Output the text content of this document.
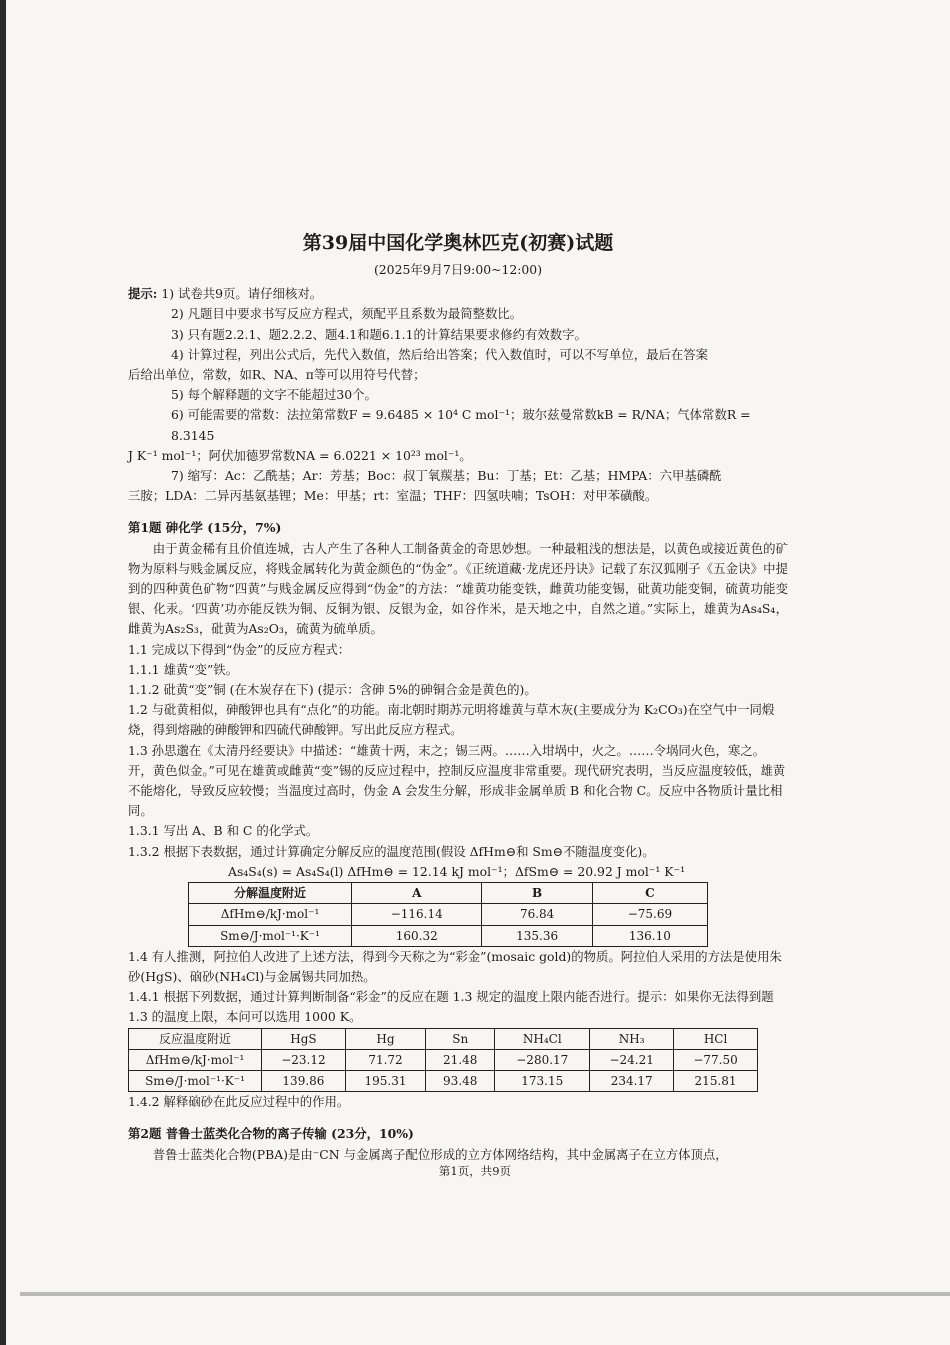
第39届中国化学奥林匹克(初赛)试题
(2025年9月7日9:00~12:00)
提示: 1) 试卷共9页。请仔细核对。
2) 凡题目中要求书写反应方程式，须配平且系数为最简整数比。
3) 只有题2.2.1、题2.2.2、题4.1和题6.1.1的计算结果要求修约有效数字。
4) 计算过程，列出公式后，先代入数值，然后给出答案；代入数值时，可以不写单位，最后在答案
后给出单位，常数，如R、NA、π等可以用符号代替；
5) 每个解释题的文字不能超过30个。
6) 可能需要的常数：法拉第常数F = 9.6485 × 10⁴ C mol⁻¹；玻尔兹曼常数kB = R/NA；气体常数R = 8.3145
J K⁻¹ mol⁻¹；阿伏加德罗常数NA = 6.0221 × 10²³ mol⁻¹。
7) 缩写：Ac：乙酰基；Ar：芳基；Boc：叔丁氧羰基；Bu：丁基；Et：乙基；HMPA：六甲基磷酰
三胺；LDA：二异丙基氨基锂；Me：甲基；rt：室温；THF：四氢呋喃；TsOH：对甲苯磺酸。
第1题 砷化学 (15分，7%)

由于黄金稀有且价值连城，古人产生了各种人工制备黄金的奇思妙想。一种最粗浅的想法是，以黄色或接近黄色的矿物为原料与贱金属反应，将贱金属转化为黄金颜色的“伪金”。《正统道藏·龙虎还丹诀》记载了东汉狐刚子《五金诀》中提到的四种黄色矿物“四黄”与贱金属反应得到“伪金”的方法：“雄黄功能变铁，雌黄功能变锡，砒黄功能变铜，硫黄功能变银、化汞。‘四黄’功亦能反铁为铜、反铜为银、反银为金，如谷作米，是天地之中，自然之道。”实际上，雄黄为As₄S₄，雌黄为As₂S₃，砒黄为As₂O₃，硫黄为硫单质。

1.1 完成以下得到“伪金”的反应方程式：

1.1.1 雄黄“变”铁。

1.1.2 砒黄“变”铜 (在木炭存在下) (提示：含砷 5%的砷铜合金是黄色的)。

1.2 与砒黄相似，砷酸钾也具有“点化”的功能。南北朝时期苏元明将雄黄与草木灰(主要成分为 K₂CO₃)在空气中一同煅烧，得到熔融的砷酸钾和四硫代砷酸钾。写出此反应方程式。

1.3 孙思邈在《太清丹经要诀》中描述：“雄黄十两，末之；锡三两。……入坩埚中，火之。……令埚同火色，寒之。开，黄色似金。”可见在雄黄或雌黄“变”锡的反应过程中，控制反应温度非常重要。现代研究表明，当反应温度较低，雄黄不能熔化，导致反应较慢；当温度过高时，伪金 A 会发生分解，形成非金属单质 B 和化合物 C。反应中各物质计量比相同。

1.3.1 写出 A、B 和 C 的化学式。

1.3.2 根据下表数据，通过计算确定分解反应的温度范围(假设 ΔfHm⊖和 Sm⊖不随温度变化)。

As₄S₄(s) = As₄S₄(l) ΔfHm⊖ = 12.14 kJ mol⁻¹；ΔfSm⊖ = 20.92 J mol⁻¹ K⁻¹

分解温度附近	A	B	C
ΔfHm⊖/kJ·mol⁻¹	−116.14	76.84	−75.69
Sm⊖/J·mol⁻¹·K⁻¹	160.32	135.36	136.10

1.4 有人推测，阿拉伯人改进了上述方法，得到今天称之为“彩金”(mosaic gold)的物质。阿拉伯人采用的方法是使用朱砂(HgS)、硇砂(NH₄Cl)与金属锡共同加热。

1.4.1 根据下列数据，通过计算判断制备“彩金”的反应在题 1.3 规定的温度上限内能否进行。提示：如果你无法得到题 1.3 的温度上限，本问可以选用 1000 K。

反应温度附近	HgS	Hg	Sn	NH₄Cl	NH₃	HCl
ΔfHm⊖/kJ·mol⁻¹	−23.12	71.72	21.48	−280.17	−24.21	−77.50
Sm⊖/J·mol⁻¹·K⁻¹	139.86	195.31	93.48	173.15	234.17	215.81

1.4.2 解释硇砂在此反应过程中的作用。

第2题 普鲁士蓝类化合物的离子传输 (23分，10%)

普鲁士蓝类化合物(PBA)是由⁻CN 与金属离子配位形成的立方体网络结构，其中金属离子在立方体顶点，

第1页，共9页
